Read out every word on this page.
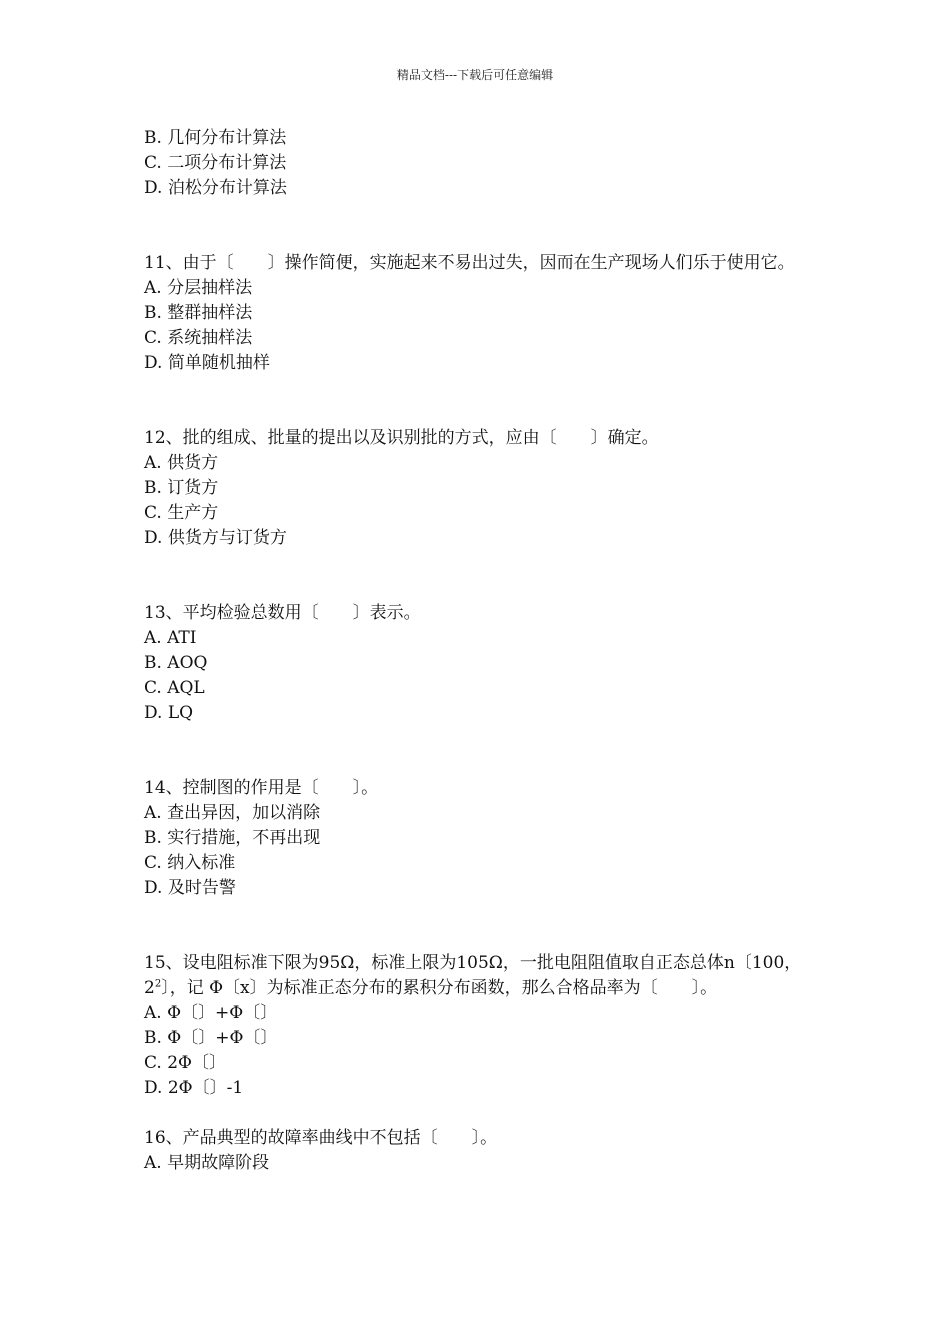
精品文档---下载后可任意编辑
B. 几何分布计算法
C. 二项分布计算法
D. 泊松分布计算法
11、由于〔　　〕操作简便，实施起来不易出过失，因而在生产现场人们乐于使用它。
A. 分层抽样法
B. 整群抽样法
C. 系统抽样法
D. 简单随机抽样
12、批的组成、批量的提出以及识别批的方式，应由〔　　〕确定。
A. 供货方
B. 订货方
C. 生产方
D. 供货方与订货方
13、平均检验总数用〔　　〕表示。
A. ATI
B. AOQ
C. AQL
D. LQ
14、控制图的作用是〔　　〕。
A. 查出异因，加以消除
B. 实行措施，不再出现
C. 纳入标准
D. 及时告警
15、设电阻标准下限为95Ω，标准上限为105Ω，一批电阻阻值取自正态总体n〔100，$2^2$〕，记 Φ〔x〕为标准正态分布的累积分布函数，那么合格品率为〔　　〕。
A. Φ〔〕+Φ〔〕
B. Φ〔〕+Φ〔〕
C. 2Φ〔〕
D. 2Φ〔〕-1
16、产品典型的故障率曲线中不包括〔　　〕。
A. 早期故障阶段
